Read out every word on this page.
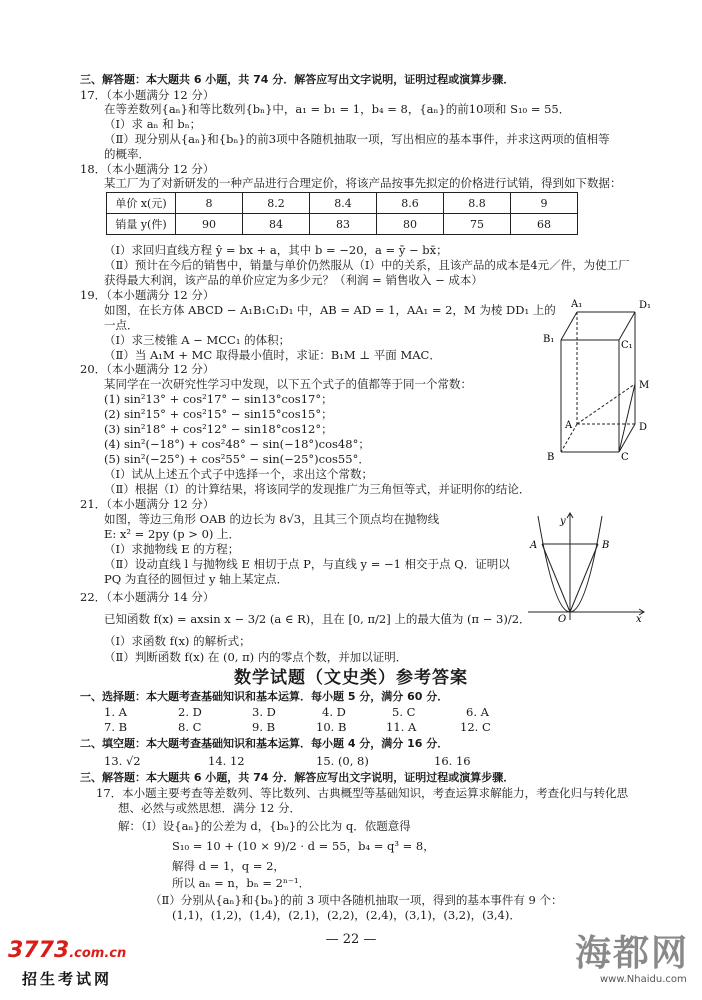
三、解答题：本大题共 6 小题，共 74 分．解答应写出文字说明，证明过程或演算步骤．
17．（本小题满分 12 分）
在等差数列{aₙ}和等比数列{bₙ}中，a₁ = b₁ = 1，b₄ = 8，{aₙ}的前10项和 S₁₀ = 55．
（Ⅰ）求 aₙ 和 bₙ；
（Ⅱ）现分别从{aₙ}和{bₙ}的前3项中各随机抽取一项，写出相应的基本事件，并求这两项的值相等
的概率．
18．（本小题满分 12 分）
某工厂为了对新研发的一种产品进行合理定价，将该产品按事先拟定的价格进行试销，得到如下数据：
单价 x(元)	8	8.2	8.4	8.6	8.8	9
销量 y(件)	90	84	83	80	75	68
（Ⅰ）求回归直线方程 ŷ = bx + a，其中 b = −20，a = ȳ − bx̄；
（Ⅱ）预计在今后的销售中，销量与单价仍然服从（Ⅰ）中的关系，且该产品的成本是4元／件，为使工厂
获得最大利润，该产品的单价应定为多少元？（利润 = 销售收入 − 成本）
19．（本小题满分 12 分）
如图，在长方体 ABCD − A₁B₁C₁D₁ 中，AB = AD = 1，AA₁ = 2，M 为棱 DD₁ 上的
一点．
（Ⅰ）求三棱锥 A − MCC₁ 的体积；
（Ⅱ）当 A₁M + MC 取得最小值时，求证：B₁M ⊥ 平面 MAC．
A₁	D₁
B₁
C₁
M
A	D
B	C
20．（本小题满分 12 分）
某同学在一次研究性学习中发现，以下五个式子的值都等于同一个常数：
(1) sin²13° + cos²17° − sin13°cos17°；
(2) sin²15° + cos²15° − sin15°cos15°；
(3) sin²18° + cos²12° − sin18°cos12°；
(4) sin²(−18°) + cos²48° − sin(−18°)cos48°；
(5) sin²(−25°) + cos²55° − sin(−25°)cos55°．
（Ⅰ）试从上述五个式子中选择一个，求出这个常数；
（Ⅱ）根据（Ⅰ）的计算结果，将该同学的发现推广为三角恒等式，并证明你的结论．
21．（本小题满分 12 分）
如图，等边三角形 OAB 的边长为 8√3，且其三个顶点均在抛物线
E: x² = 2py (p > 0) 上．
（Ⅰ）求抛物线 E 的方程；
（Ⅱ）设动直线 l 与抛物线 E 相切于点 P，与直线 y = −1 相交于点 Q．证明以
PQ 为直径的圆恒过 y 轴上某定点．
y
A	B
O	x
22．（本小题满分 14 分）
已知函数 f(x) = axsin x − 3/2 (a ∈ R)，且在 [0, π/2] 上的最大值为 (π − 3)/2．
（Ⅰ）求函数 f(x) 的解析式；
（Ⅱ）判断函数 f(x) 在 (0, π) 内的零点个数，并加以证明．
数学试题（文史类）参考答案
一、选择题：本大题考查基础知识和基本运算．每小题 5 分，满分 60 分．
1. A	2. D	3. D	4. D	5. C	6. A
7. B	8. C	9. B	10. B	11. A	12. C
二、填空题：本大题考查基础知识和基本运算．每小题 4 分，满分 16 分．
13. √2	14. 12	15. (0, 8)	16. 16
三、解答题：本大题共 6 小题，共 74 分．解答应写出文字说明，证明过程或演算步骤．
17．本小题主要考查等差数列、等比数列、古典概型等基础知识，考查运算求解能力，考查化归与转化思
想、必然与或然思想．满分 12 分．
解：（Ⅰ）设{aₙ}的公差为 d，{bₙ}的公比为 q．依题意得
S₁₀ = 10 + (10 × 9)/2 · d = 55，b₄ = q³ = 8，
解得 d = 1，q = 2，
所以 aₙ = n，bₙ = 2ⁿ⁻¹．
（Ⅱ）分别从{aₙ}和{bₙ}的前 3 项中各随机抽取一项，得到的基本事件有 9 个：
(1,1)，(1,2)，(1,4)，(2,1)，(2,2)，(2,4)，(3,1)，(3,2)，(3,4)．
— 22 —
3773.com.cn
招生考试网
海都网
www.Nhaidu.com
